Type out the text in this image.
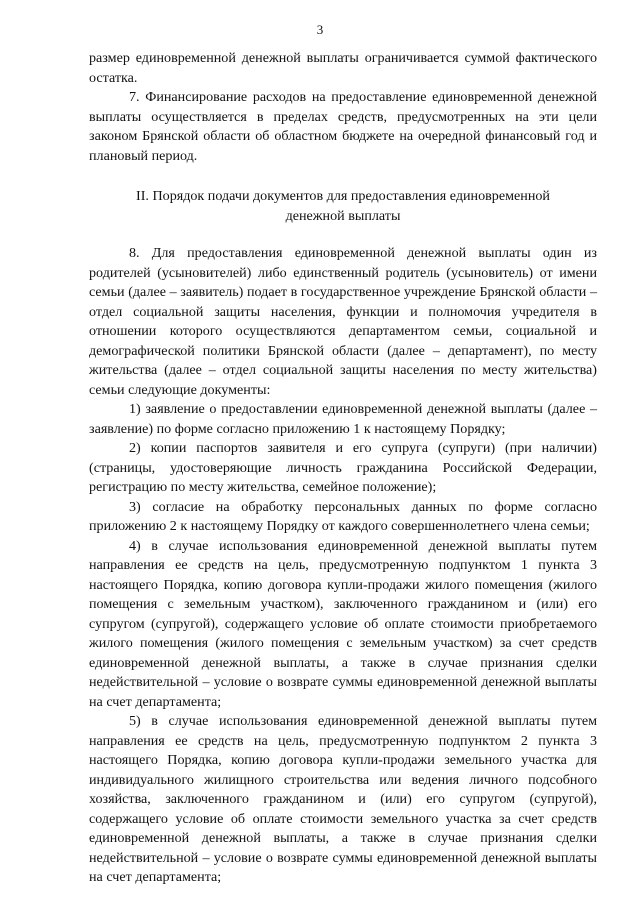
3

размер единовременной денежной выплаты ограничивается суммой фактического остатка.

7. Финансирование расходов на предоставление единовременной денежной выплаты осуществляется в пределах средств, предусмотренных на эти цели законом Брянской области об областном бюджете на очередной финансовый год и плановый период.

II. Порядок подачи документов для предоставления единовременной
денежной выплаты

8. Для предоставления единовременной денежной выплаты один из родителей (усыновителей) либо единственный родитель (усыновитель) от имени семьи (далее – заявитель) подает в государственное учреждение Брянской области – отдел социальной защиты населения, функции и полномочия учредителя в отношении которого осуществляются департаментом семьи, социальной и демографической политики Брянской области (далее – департамент), по месту жительства (далее – отдел социальной защиты населения по месту жительства) семьи следующие документы:

1) заявление о предоставлении единовременной денежной выплаты (далее – заявление) по форме согласно приложению 1 к настоящему Порядку;

2) копии паспортов заявителя и его супруга (супруги) (при наличии) (страницы, удостоверяющие личность гражданина Российской Федерации, регистрацию по месту жительства, семейное положение);

3) согласие на обработку персональных данных по форме согласно приложению 2 к настоящему Порядку от каждого совершеннолетнего члена семьи;

4) в случае использования единовременной денежной выплаты путем направления ее средств на цель, предусмотренную подпунктом 1 пункта 3 настоящего Порядка, копию договора купли-продажи жилого помещения (жилого помещения с земельным участком), заключенного гражданином и (или) его супругом (супругой), содержащего условие об оплате стоимости приобретаемого жилого помещения (жилого помещения с земельным участком) за счет средств единовременной денежной выплаты, а также в случае признания сделки недействительной – условие о возврате суммы единовременной денежной выплаты на счет департамента;

5) в случае использования единовременной денежной выплаты путем направления ее средств на цель, предусмотренную подпунктом 2 пункта 3 настоящего Порядка, копию договора купли-продажи земельного участка для индивидуального жилищного строительства или ведения личного подсобного хозяйства, заключенного гражданином и (или) его супругом (супругой), содержащего условие об оплате стоимости земельного участка за счет средств единовременной денежной выплаты, а также в случае признания сделки недействительной – условие о возврате суммы единовременной денежной выплаты на счет департамента;
